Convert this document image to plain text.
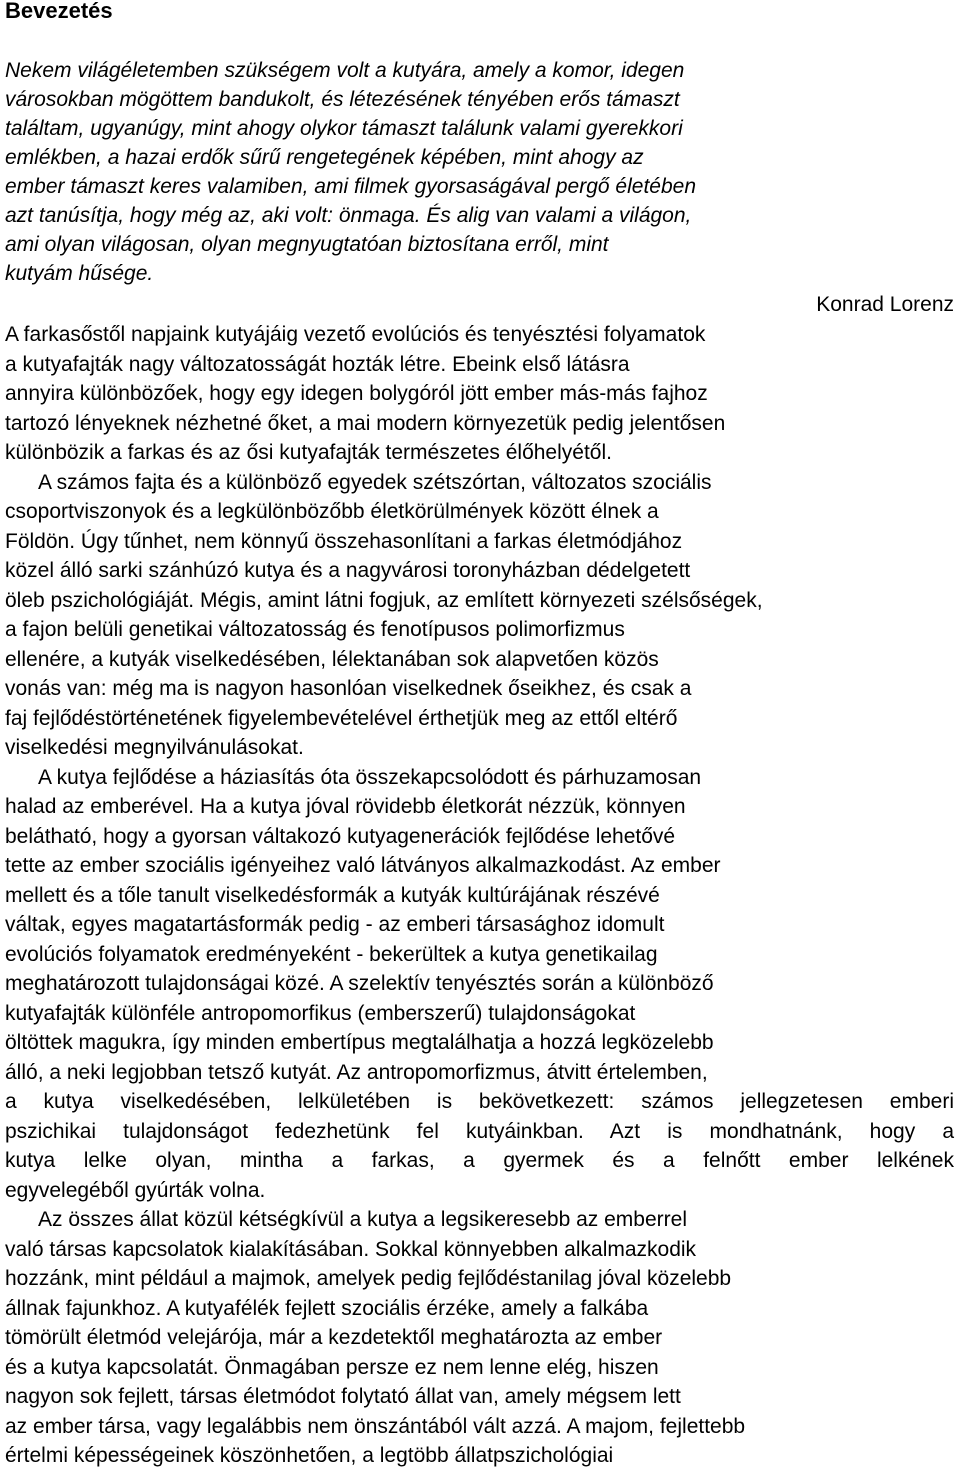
Bevezetés
Nekem világéletemben szükségem volt a kutyára, amely a komor, idegen
városokban mögöttem bandukolt, és létezésének tényében erős támaszt
találtam, ugyanúgy, mint ahogy olykor támaszt találunk valami gyerekkori
emlékben, a hazai erdők sűrű rengetegének képében, mint ahogy az
ember támaszt keres valamiben, ami filmek gyorsaságával pergő életében
azt tanúsítja, hogy még az, aki volt: önmaga. És alig van valami a világon,
ami olyan világosan, olyan megnyugtatóan biztosítana erről, mint
kutyám hűsége.
Konrad Lorenz
A farkasőstől napjaink kutyájáig vezető evolúciós és tenyésztési folyamatok
a kutyafajták nagy változatosságát hozták létre. Ebeink első látásra
annyira különbözőek, hogy egy idegen bolygóról jött ember más-más fajhoz
tartozó lényeknek nézhetné őket, a mai modern környezetük pedig jelentősen
különbözik a farkas és az ősi kutyafajták természetes élőhelyétől.
A számos fajta és a különböző egyedek szétszórtan, változatos szociális
csoportviszonyok és a legkülönbözőbb életkörülmények között élnek a
Földön. Úgy tűnhet, nem könnyű összehasonlítani a farkas életmódjához
közel álló sarki szánhúzó kutya és a nagyvárosi toronyházban dédelgetett
öleb pszichológiáját. Mégis, amint látni fogjuk, az említett környezeti szélsőségek,
a fajon belüli genetikai változatosság és fenotípusos polimorfizmus
ellenére, a kutyák viselkedésében, lélektanában sok alapvetően közös
vonás van: még ma is nagyon hasonlóan viselkednek őseikhez, és csak a
faj fejlődéstörténetének figyelembevételével érthetjük meg az ettől eltérő
viselkedési megnyilvánulásokat.
A kutya fejlődése a háziasítás óta összekapcsolódott és párhuzamosan
halad az emberével. Ha a kutya jóval rövidebb életkorát nézzük, könnyen
belátható, hogy a gyorsan váltakozó kutyagenerációk fejlődése lehetővé
tette az ember szociális igényeihez való látványos alkalmazkodást. Az ember
mellett és a tőle tanult viselkedésformák a kutyák kultúrájának részévé
váltak, egyes magatartásformák pedig - az emberi társasághoz idomult
evolúciós folyamatok eredményeként - bekerültek a kutya genetikailag
meghatározott tulajdonságai közé. A szelektív tenyésztés során a különböző
kutyafajták különféle antropomorfikus (emberszerű) tulajdonságokat
öltöttek magukra, így minden embertípus megtalálhatja a hozzá legközelebb
álló, a neki legjobban tetsző kutyát. Az antropomorfizmus, átvitt értelemben,
a kutya viselkedésében, lelkületében is bekövetkezett: számos jellegzetesen emberi
pszichikai tulajdonságot fedezhetünk fel kutyáinkban. Azt is mondhatnánk, hogy a
kutya lelke olyan, mintha a farkas, a gyermek és a felnőtt ember lelkének
egyvelegéből gyúrták volna.
Az összes állat közül kétségkívül a kutya a legsikeresebb az emberrel
való társas kapcsolatok kialakításában. Sokkal könnyebben alkalmazkodik
hozzánk, mint például a majmok, amelyek pedig fejlődéstanilag jóval közelebb
állnak fajunkhoz. A kutyafélék fejlett szociális érzéke, amely a falkába
tömörült életmód velejárója, már a kezdetektől meghatározta az ember
és a kutya kapcsolatát. Önmagában persze ez nem lenne elég, hiszen
nagyon sok fejlett, társas életmódot folytató állat van, amely mégsem lett
az ember társa, vagy legalábbis nem önszántából vált azzá. A majom, fejlettebb
értelmi képességeinek köszönhetően, a legtöbb állatpszichológiai
